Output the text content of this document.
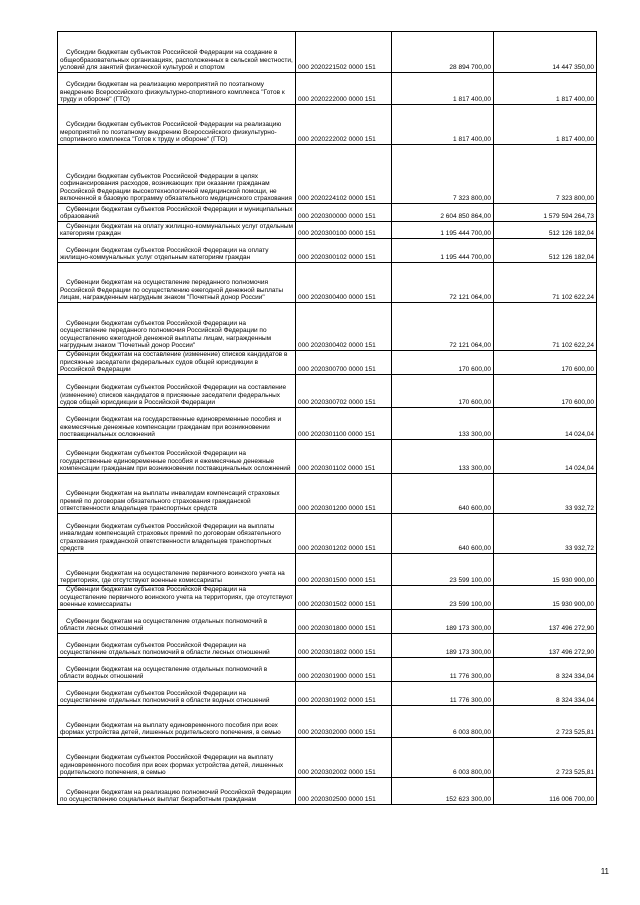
Субсидии бюджетам субъектов Российской Федерации на создание в общеобразовательных организациях, расположенных в сельской местности, условий для занятий физической культурой и спортом	000 2020221502 0000 151	28 894 700,00	14 447 350,00
Субсидии бюджетам на реализацию мероприятий по поэтапному внедрению Всероссийского физкультурно-спортивного комплекса "Готов к труду и обороне" (ГТО)	000 2020222000 0000 151	1 817 400,00	1 817 400,00
Субсидии бюджетам субъектов Российской Федерации на реализацию мероприятий по поэтапному внедрению Всероссийского физкультурно-спортивного комплекса "Готов к труду и обороне" (ГТО)	000 2020222002 0000 151	1 817 400,00	1 817 400,00
Субсидии бюджетам субъектов Российской Федерации в целях софинансирования расходов, возникающих при оказании гражданам Российской Федерации высокотехнологичной медицинской помощи, не включенной в базовую программу обязательного медицинского страхования	000 2020224102 0000 151	7 323 800,00	7 323 800,00
Субвенции бюджетам субъектов Российской Федерации и муниципальных образований	000 2020300000 0000 151	2 604 850 864,00	1 579 594 264,73
Субвенции бюджетам на оплату жилищно-коммунальных услуг отдельным категориям граждан	000 2020300100 0000 151	1 195 444 700,00	512 126 182,04
Субвенции бюджетам субъектов Российской Федерации на оплату жилищно-коммунальных услуг отдельным категориям граждан	000 2020300102 0000 151	1 195 444 700,00	512 126 182,04
Субвенции бюджетам на осуществление переданного полномочия Российской Федерации по осуществлению ежегодной денежной выплаты лицам, награжденным нагрудным знаком "Почетный донор России"	000 2020300400 0000 151	72 121 064,00	71 102 622,24
Субвенции бюджетам субъектов Российской Федерации на осуществление переданного полномочия Российской Федерации по осуществлению ежегодной денежной выплаты лицам, награжденным нагрудным знаком "Почетный донор России"	000 2020300402 0000 151	72 121 064,00	71 102 622,24
Субвенции бюджетам на составление (изменение) списков кандидатов в присяжные заседатели федеральных судов общей юрисдикции в Российской Федерации	000 2020300700 0000 151	170 600,00	170 600,00
Субвенции бюджетам субъектов Российской Федерации на составление (изменение) списков кандидатов в присяжные заседатели федеральных судов общей юрисдикции в Российской Федерации	000 2020300702 0000 151	170 600,00	170 600,00
Субвенции бюджетам на государственные единовременные пособия и ежемесячные денежные компенсации гражданам при возникновении поствакцинальных осложнений	000 2020301100 0000 151	133 300,00	14 024,04
Субвенции бюджетам субъектов Российской Федерации на государственные единовременные пособия и ежемесячные денежные компенсации гражданам при возникновении поствакцинальных осложнений	000 2020301102 0000 151	133 300,00	14 024,04
Субвенции бюджетам на выплаты инвалидам компенсаций страховых премий по договорам обязательного страхования гражданской ответственности владельцев транспортных средств	000 2020301200 0000 151	640 600,00	33 932,72
Субвенции бюджетам субъектов Российской Федерации на выплаты инвалидам компенсаций страховых премий по договорам обязательного страхования гражданской ответственности владельцев транспортных средств	000 2020301202 0000 151	640 600,00	33 932,72
Субвенции бюджетам на осуществление первичного воинского учета на территориях, где отсутствуют военные комиссариаты	000 2020301500 0000 151	23 599 100,00	15 930 900,00
Субвенции бюджетам субъектов Российской Федерации на осуществление первичного воинского учета на территориях, где отсутствуют военные комиссариаты	000 2020301502 0000 151	23 599 100,00	15 930 900,00
Субвенции бюджетам на осуществление отдельных полномочий в области лесных отношений	000 2020301800 0000 151	189 173 300,00	137 496 272,90
Субвенции бюджетам субъектов Российской Федерации на осуществление отдельных полномочий в области лесных отношений	000 2020301802 0000 151	189 173 300,00	137 496 272,90
Субвенции бюджетам на осуществление отдельных полномочий в области водных отношений	000 2020301900 0000 151	11 776 300,00	8 324 334,04
Субвенции бюджетам субъектов Российской Федерации на осуществление отдельных полномочий в области водных отношений	000 2020301902 0000 151	11 776 300,00	8 324 334,04
Субвенции бюджетам на выплату единовременного пособия при всех формах устройства детей, лишенных родительского попечения, в семью	000 2020302000 0000 151	6 003 800,00	2 723 525,81
Субвенции бюджетам субъектов Российской Федерации на выплату единовременного пособия при всех формах устройства детей, лишенных родительского попечения, в семью	000 2020302002 0000 151	6 003 800,00	2 723 525,81
Субвенции бюджетам на реализацию полномочий Российской Федерации по осуществлению социальных выплат безработным гражданам	000 2020302500 0000 151	152 623 300,00	116 006 700,00
11
